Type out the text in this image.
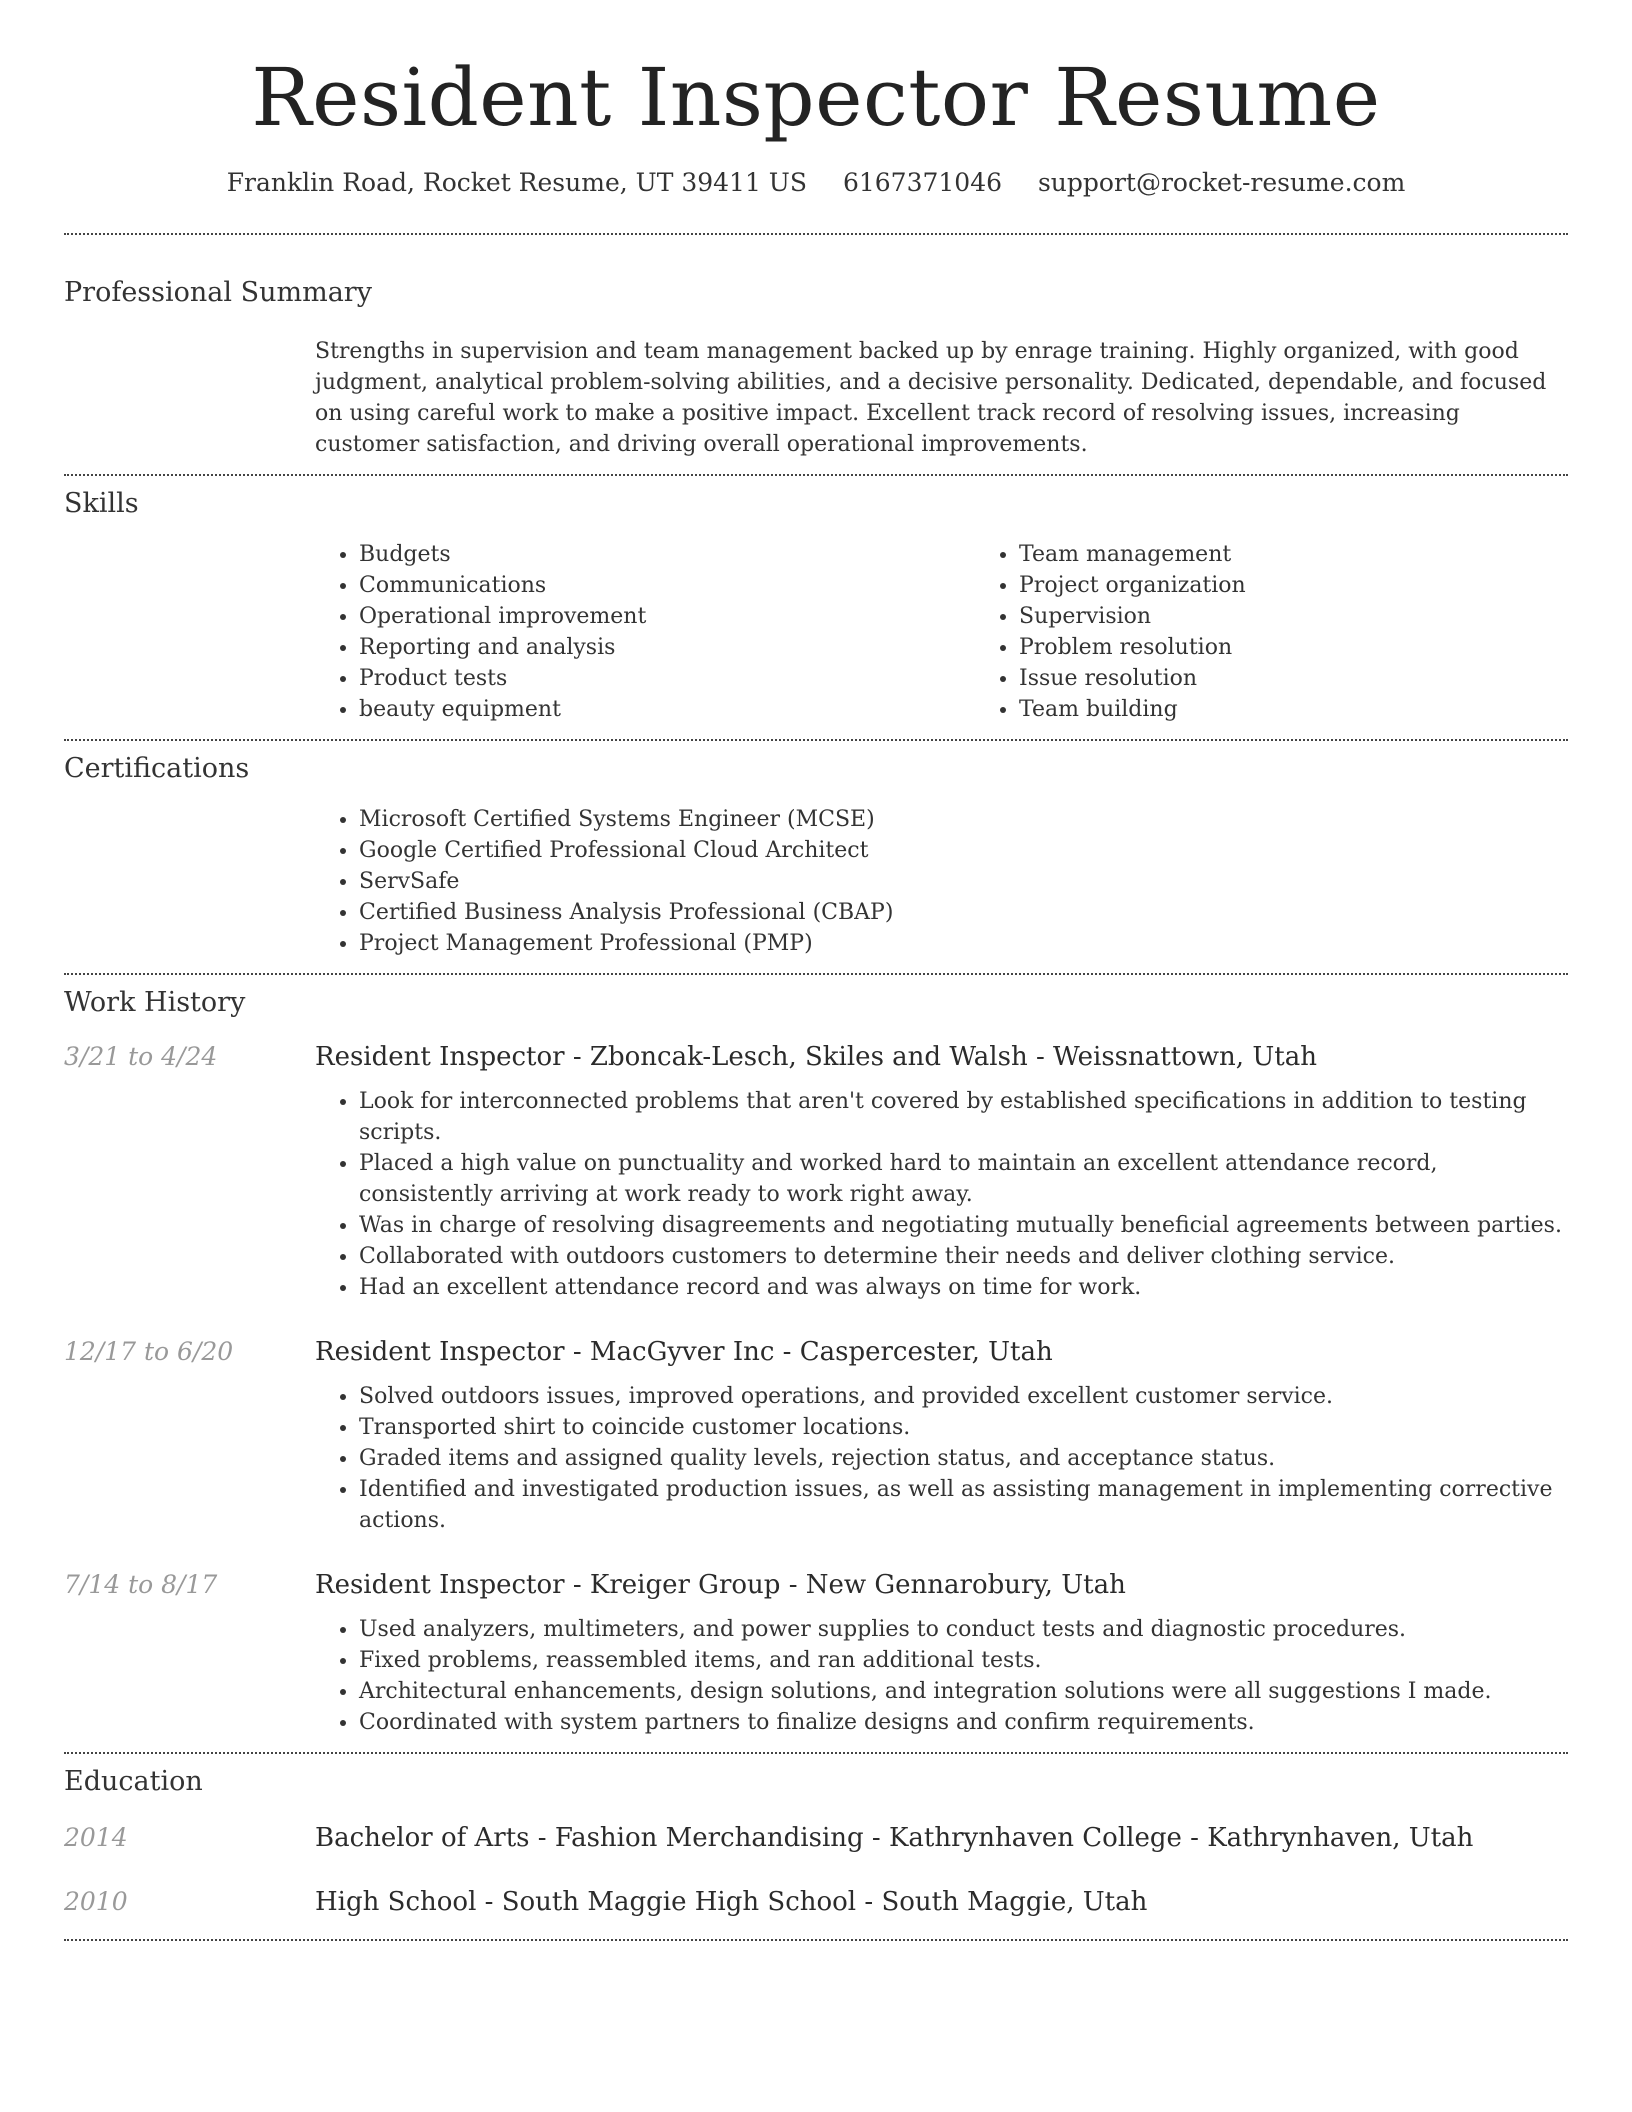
Resident Inspector Resume
Franklin Road, Rocket Resume, UT 39411 US 6167371046 support@rocket-resume.com
Professional Summary

Strengths in supervision and team management backed up by enrage training. Highly organized, with good judgment, analytical problem-solving abilities, and a decisive personality. Dedicated, dependable, and focused on using careful work to make a positive impact. Excellent track record of resolving issues, increasing customer satisfaction, and driving overall operational improvements.

Skills
• Budgets
• Communications
• Operational improvement
• Reporting and analysis
• Product tests
• beauty equipment
• Team management
• Project organization
• Supervision
• Problem resolution
• Issue resolution
• Team building
Certifications
• Microsoft Certified Systems Engineer (MCSE)
• Google Certified Professional Cloud Architect
• ServSafe
• Certified Business Analysis Professional (CBAP)
• Project Management Professional (PMP)
Work History
3/21 to 4/24	Resident Inspector - Zboncak-Lesch, Skiles and Walsh - Weissnattown, Utah
• Look for interconnected problems that aren't covered by established specifications in addition to testing scripts.
• Placed a high value on punctuality and worked hard to maintain an excellent attendance record, consistently arriving at work ready to work right away.
• Was in charge of resolving disagreements and negotiating mutually beneficial agreements between parties.
• Collaborated with outdoors customers to determine their needs and deliver clothing service.
• Had an excellent attendance record and was always on time for work.
12/17 to 6/20	Resident Inspector - MacGyver Inc - Caspercester, Utah
• Solved outdoors issues, improved operations, and provided excellent customer service.
• Transported shirt to coincide customer locations.
• Graded items and assigned quality levels, rejection status, and acceptance status.
• Identified and investigated production issues, as well as assisting management in implementing corrective actions.
7/14 to 8/17	Resident Inspector - Kreiger Group - New Gennarobury, Utah
• Used analyzers, multimeters, and power supplies to conduct tests and diagnostic procedures.
• Fixed problems, reassembled items, and ran additional tests.
• Architectural enhancements, design solutions, and integration solutions were all suggestions I made.
• Coordinated with system partners to finalize designs and confirm requirements.
Education
2014	Bachelor of Arts - Fashion Merchandising - Kathrynhaven College - Kathrynhaven, Utah
2010	High School - South Maggie High School - South Maggie, Utah
